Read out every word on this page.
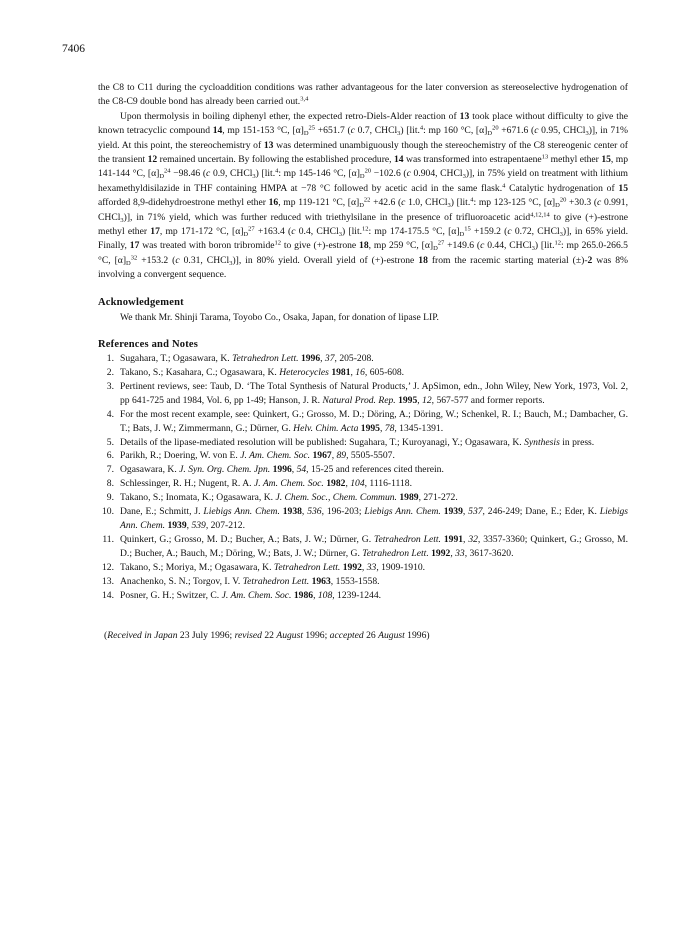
7406

the C8 to C11 during the cycloaddition conditions was rather advantageous for the later conversion as stereoselective hydrogenation of the C8-C9 double bond has already been carried out.$^{3,4}$

Upon thermolysis in boiling diphenyl ether, the expected retro-Diels-Alder reaction of 13 took place without difficulty to give the known tetracyclic compound 14, mp 151-153 °C, $[\alpha]_D^{25} +651.7$ (c 0.7, CHCl$_3$) [lit.$^4$: mp 160 °C, $[\alpha]_D^{20} +671.6$ (c 0.95, CHCl$_3$)], in 71% yield. At this point, the stereochemistry of 13 was determined unambiguously though the stereochemistry of the C8 stereogenic center of the transient 12 remained uncertain. By following the established procedure, 14 was transformed into estrapentaene$^{13}$ methyl ether 15, mp 141-144 °C, $[\alpha]_D^{24} -98.46$ (c 0.9, CHCl$_3$) [lit.$^4$: mp 145-146 °C, $[\alpha]_D^{20} -102.6$ (c 0.904, CHCl$_3$)], in 75% yield on treatment with lithium hexamethyldisilazide in THF containing HMPA at −78 °C followed by acetic acid in the same flask.$^4$ Catalytic hydrogenation of 15 afforded 8,9-didehydroestrone methyl ether 16, mp 119-121 °C, $[\alpha]_D^{22} +42.6$ (c 1.0, CHCl$_3$) [lit.$^4$: mp 123-125 °C, $[\alpha]_D^{20} +30.3$ (c 0.991, CHCl$_3$)], in 71% yield, which was further reduced with triethylsilane in the presence of trifluoroacetic acid$^{4,12,14}$ to give (+)-estrone methyl ether 17, mp 171-172 °C, $[\alpha]_D^{27} +163.4$ (c 0.4, CHCl$_3$) [lit.$^{12}$: mp 174-175.5 °C, $[\alpha]_D^{15} +159.2$ (c 0.72, CHCl$_3$)], in 65% yield. Finally, 17 was treated with boron tribromide$^{12}$ to give (+)-estrone 18, mp 259 °C, $[\alpha]_D^{27} +149.6$ (c 0.44, CHCl$_3$) [lit.$^{12}$: mp 265.0-266.5 °C, $[\alpha]_D^{32} +153.2$ (c 0.31, CHCl$_3$)], in 80% yield. Overall yield of (+)-estrone 18 from the racemic starting material (±)-2 was 8% involving a convergent sequence.

Acknowledgement

We thank Mr. Shinji Tarama, Toyobo Co., Osaka, Japan, for donation of lipase LIP.

References and Notes
1. Sugahara, T.; Ogasawara, K. Tetrahedron Lett. 1996, 37, 205-208.
2. Takano, S.; Kasahara, C.; Ogasawara, K. Heterocycles 1981, 16, 605-608.
3. Pertinent reviews, see: Taub, D. ‘The Total Synthesis of Natural Products,’ J. ApSimon, edn., John Wiley, New York, 1973, Vol. 2, pp 641-725 and 1984, Vol. 6, pp 1-49; Hanson, J. R. Natural Prod. Rep. 1995, 12, 567-577 and former reports.
4. For the most recent example, see: Quinkert, G.; Grosso, M. D.; Döring, A.; Döring, W.; Schenkel, R. I.; Bauch, M.; Dambacher, G. T.; Bats, J. W.; Zimmermann, G.; Dürner, G. Helv. Chim. Acta 1995, 78, 1345-1391.
5. Details of the lipase-mediated resolution will be published: Sugahara, T.; Kuroyanagi, Y.; Ogasawara, K. Synthesis in press.
6. Parikh, R.; Doering, W. von E. J. Am. Chem. Soc. 1967, 89, 5505-5507.
7. Ogasawara, K. J. Syn. Org. Chem. Jpn. 1996, 54, 15-25 and references cited therein.
8. Schlessinger, R. H.; Nugent, R. A. J. Am. Chem. Soc. 1982, 104, 1116-1118.
9. Takano, S.; Inomata, K.; Ogasawara, K. J. Chem. Soc., Chem. Commun. 1989, 271-272.
10. Dane, E.; Schmitt, J. Liebigs Ann. Chem. 1938, 536, 196-203; Liebigs Ann. Chem. 1939, 537, 246-249; Dane, E.; Eder, K. Liebigs Ann. Chem. 1939, 539, 207-212.
11. Quinkert, G.; Grosso, M. D.; Bucher, A.; Bats, J. W.; Dürner, G. Tetrahedron Lett. 1991, 32, 3357-3360; Quinkert, G.; Grosso, M. D.; Bucher, A.; Bauch, M.; Döring, W.; Bats, J. W.; Dürner, G. Tetrahedron Lett. 1992, 33, 3617-3620.
12. Takano, S.; Moriya, M.; Ogasawara, K. Tetrahedron Lett. 1992, 33, 1909-1910.
13. Anachenko, S. N.; Torgov, I. V. Tetrahedron Lett. 1963, 1553-1558.
14. Posner, G. H.; Switzer, C. J. Am. Chem. Soc. 1986, 108, 1239-1244.
(Received in Japan 23 July 1996; revised 22 August 1996; accepted 26 August 1996)
